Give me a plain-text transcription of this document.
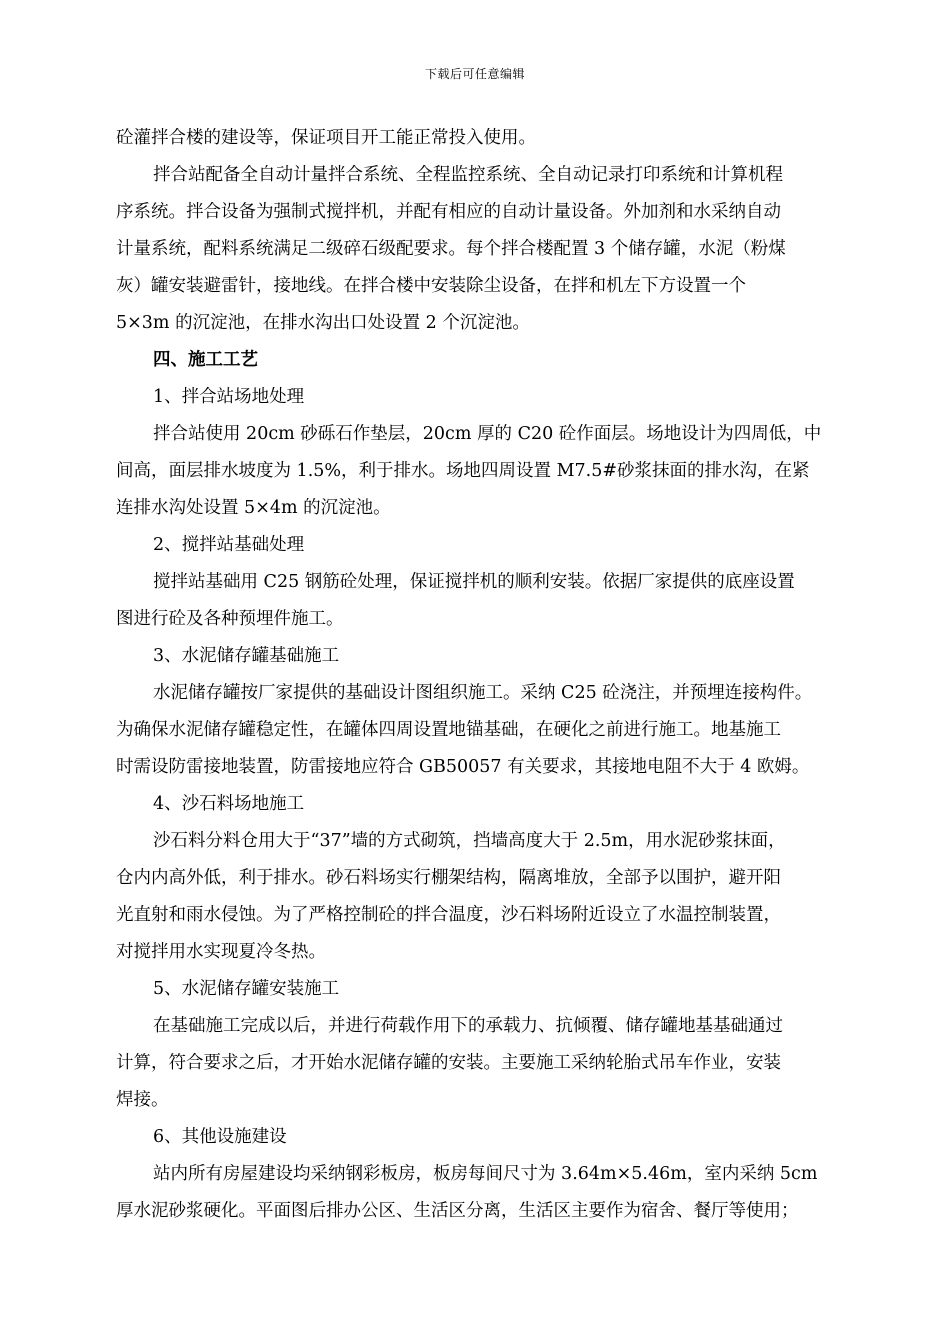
下载后可任意编辑

砼灌拌合楼的建设等，保证项目开工能正常投入使用。

拌合站配备全自动计量拌合系统、全程监控系统、全自动记录打印系统和计算机程

序系统。拌合设备为强制式搅拌机，并配有相应的自动计量设备。外加剂和水采纳自动

计量系统，配料系统满足二级碎石级配要求。每个拌合楼配置 3 个储存罐，水泥（粉煤

灰）罐安装避雷针，接地线。在拌合楼中安装除尘设备，在拌和机左下方设置一个

5×3m 的沉淀池，在排水沟出口处设置 2 个沉淀池。

四、施工工艺

1、拌合站场地处理

拌合站使用 20cm 砂砾石作垫层，20cm 厚的 C20 砼作面层。场地设计为四周低，中

间高，面层排水坡度为 1.5%，利于排水。场地四周设置 M7.5#砂浆抹面的排水沟，在紧

连排水沟处设置 5×4m 的沉淀池。

2、搅拌站基础处理

搅拌站基础用 C25 钢筋砼处理，保证搅拌机的顺利安装。依据厂家提供的底座设置

图进行砼及各种预埋件施工。

3、水泥储存罐基础施工

水泥储存罐按厂家提供的基础设计图组织施工。采纳 C25 砼浇注，并预埋连接构件。

为确保水泥储存罐稳定性，在罐体四周设置地锚基础，在硬化之前进行施工。地基施工

时需设防雷接地装置，防雷接地应符合 GB50057 有关要求，其接地电阻不大于 4 欧姆。

4、沙石料场地施工

沙石料分料仓用大于“37”墙的方式砌筑，挡墙高度大于 2.5m，用水泥砂浆抹面，

仓内内高外低，利于排水。砂石料场实行棚架结构，隔离堆放，全部予以围护，避开阳

光直射和雨水侵蚀。为了严格控制砼的拌合温度，沙石料场附近设立了水温控制装置，

对搅拌用水实现夏冷冬热。

5、水泥储存罐安装施工

在基础施工完成以后，并进行荷载作用下的承载力、抗倾覆、储存罐地基基础通过

计算，符合要求之后，才开始水泥储存罐的安装。主要施工采纳轮胎式吊车作业，安装

焊接。

6、其他设施建设

站内所有房屋建设均采纳钢彩板房，板房每间尺寸为 3.64m×5.46m，室内采纳 5cm

厚水泥砂浆硬化。平面图后排办公区、生活区分离，生活区主要作为宿舍、餐厅等使用；
